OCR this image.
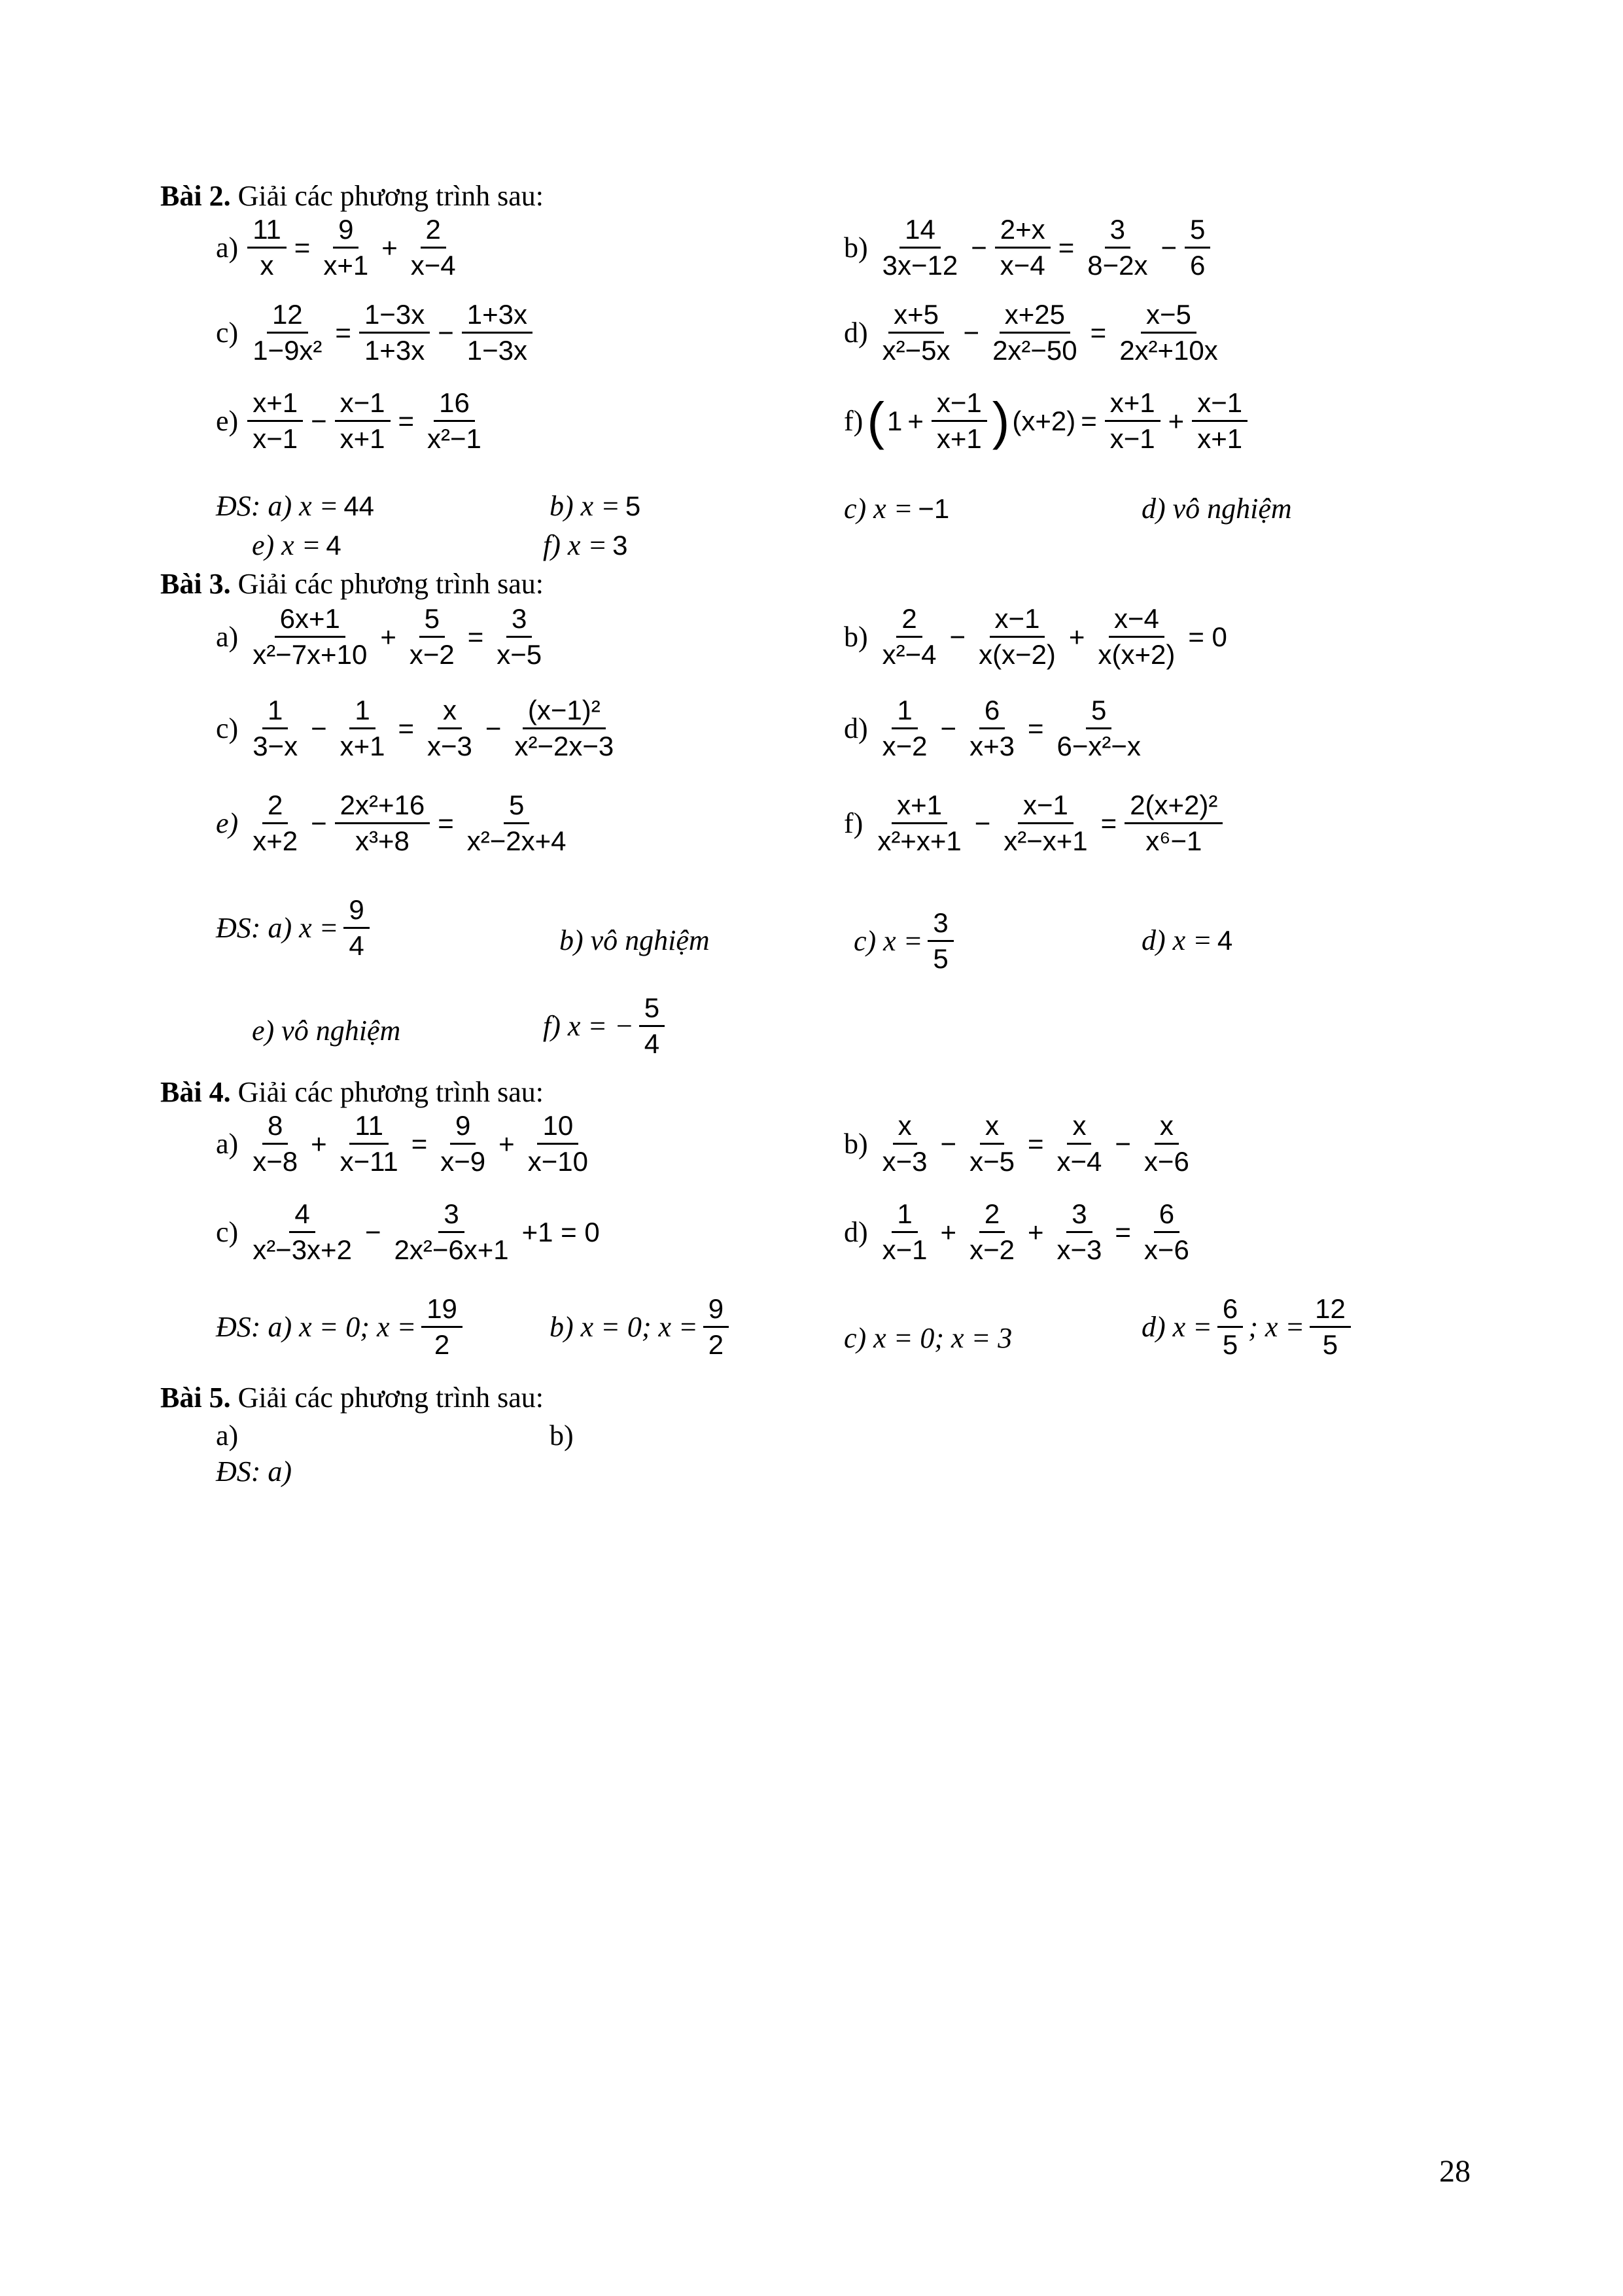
Bài 2. Giải các phương trình sau:
$a) \frac{11}{x} = \frac{9}{x+1} + \frac{2}{x-4}$	$b) \frac{14}{3x-12} - \frac{2+x}{x-4} = \frac{3}{8-2x} - \frac{5}{6}$
$c) \frac{12}{\text{1−9x²}} = \frac{1-3x}{1+3x} - \frac{1+3x}{1-3x}$	$d) \frac{x+5}{\text{x²−5x}} - \frac{x+25}{\text{2x²−50}} = \frac{x-5}{\text{2x²+10x}}$
$e) \frac{x+1}{x-1} - \frac{x-1}{x+1} = \frac{16}{\text{x²−1}}$	f) ( $1 + \frac{x-1}{x+1}$ ) $(x+2) = \frac{x+1}{x-1} + \frac{x-1}{x+1}$
ĐS:
a) x = 44	b) x = 5	c) x = −1	d) vô nghiệm
e) x = 4	f) x = 3
Bài 3. Giải các phương trình sau:
$a) \frac{6x+1}{\text{x²−7x+10}} + \frac{5}{x-2} = \frac{3}{x-5}$	$b) \frac{2}{\text{x²−4}} - \frac{x-1}{x(x-2)} + \frac{x-4}{x(x+2)} = 0$
$c) \frac{1}{3-x} - \frac{1}{x+1} = \frac{x}{x-3} - \frac{\text{(x−1)²}}{\text{x²−2x−3}}$	$d) \frac{1}{x-2} - \frac{6}{x+3} = \frac{5}{\text{6−x²−x}}$
$e) \frac{2}{x+2} - \frac{\text{2x²+16}}{\text{x³+8}} = \frac{5}{\text{x²−2x+4}}$	$f) \frac{x+1}{\text{x²+x+1}} - \frac{x-1}{\text{x²−x+1}} = \frac{\text{2(x+2)²}}{\text{x⁶−1}}$
ĐS:
a) $x = \frac{9}{4}$	b) vô nghiệm	c) $x = \frac{3}{5}$	d) x = 4
e) vô nghiệm	f) x = − $\frac{5}{4}$
Bài 4. Giải các phương trình sau:
$a) \frac{8}{x-8} + \frac{11}{x-11} = \frac{9}{x-9} + \frac{10}{x-10}$	$b) \frac{x}{x-3} - \frac{x}{x-5} = \frac{x}{x-4} - \frac{x}{x-6}$
$c) \frac{4}{\text{x²−3x+2}} - \frac{3}{\text{2x²−6x+1}} +1 = 0$	$d) \frac{1}{x-1} + \frac{2}{x-2} + \frac{3}{x-3} = \frac{6}{x-6}$
ĐS:
a) x = 0; $x = \frac{19}{2}$	b) x = 0; $x = \frac{9}{2}$	c) x = 0; x = 3	d) $x = \frac{6}{5}$ ; $x = \frac{12}{5}$
Bài 5. Giải các phương trình sau:
a)	b)
ĐS: a)
28
